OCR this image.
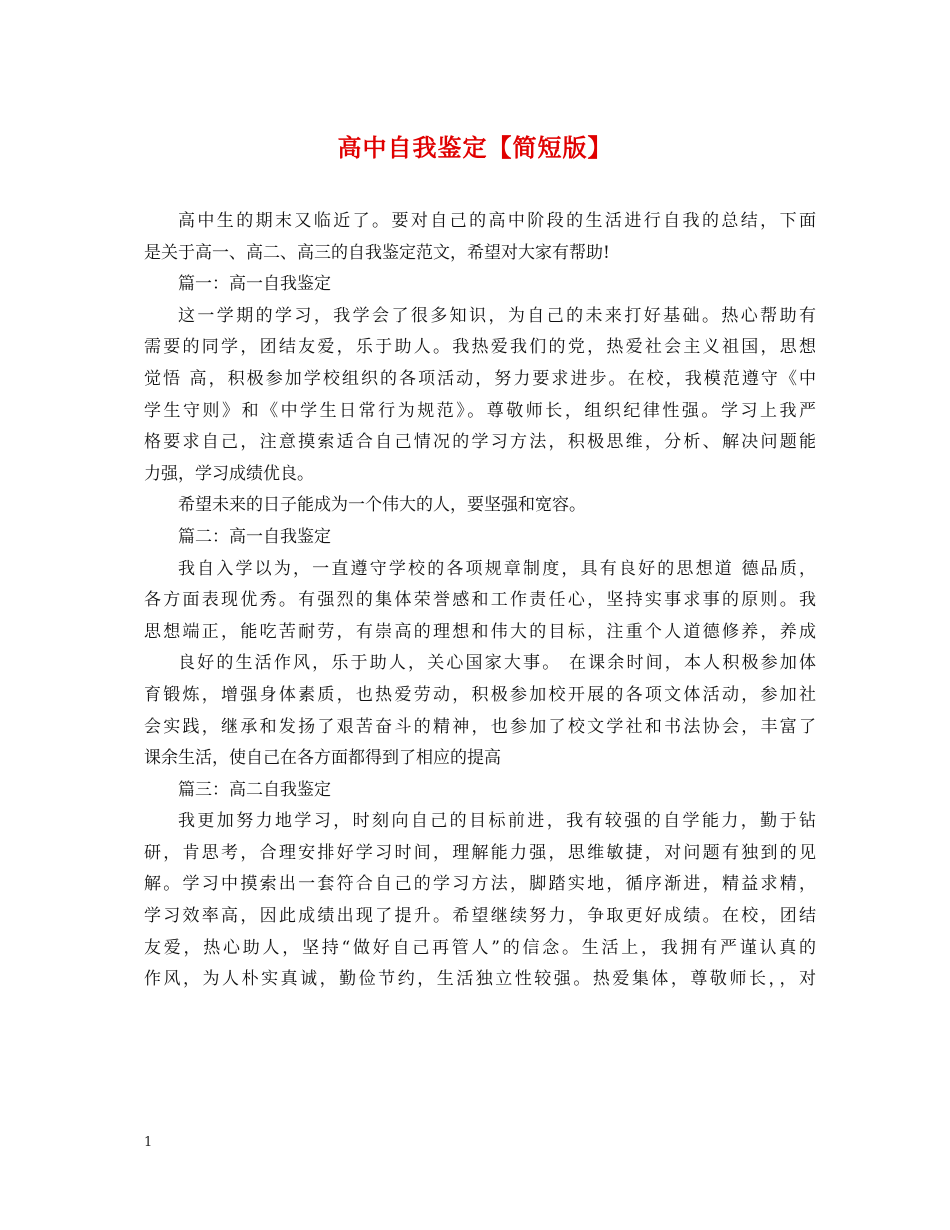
高中自我鉴定【简短版】
高中生的期末又临近了。要对自己的高中阶段的生活进行自我的总结，下面
是关于高一、高二、高三的自我鉴定范文，希望对大家有帮助!
篇一：高一自我鉴定
这一学期的学习，我学会了很多知识，为自己的未来打好基础。热心帮助有
需要的同学，团结友爱，乐于助人。我热爱我们的党，热爱社会主义祖国，思想
觉悟 高，积极参加学校组织的各项活动，努力要求进步。在校，我模范遵守《中
学生守则》和《中学生日常行为规范》。尊敬师长，组织纪律性强。学习上我严
格要求自己，注意摸索适合自己情况的学习方法，积极思维，分析、解决问题能
力强，学习成绩优良。
希望未来的日子能成为一个伟大的人，要坚强和宽容。
篇二：高一自我鉴定
我自入学以为，一直遵守学校的各项规章制度，具有良好的思想道 德品质，
各方面表现优秀。有强烈的集体荣誉感和工作责任心，坚持实事求事的原则。我
思想端正，能吃苦耐劳，有崇高的理想和伟大的目标，注重个人道德修养，养成
良好的生活作风，乐于助人，关心国家大事。 在课余时间，本人积极参加体
育锻炼，增强身体素质，也热爱劳动，积极参加校开展的各项文体活动，参加社
会实践，继承和发扬了艰苦奋斗的精神，也参加了校文学社和书法协会，丰富了
课余生活，使自己在各方面都得到了相应的提高
篇三：高二自我鉴定
我更加努力地学习，时刻向自己的目标前进，我有较强的自学能力，勤于钻
研，肯思考，合理安排好学习时间，理解能力强，思维敏捷，对问题有独到的见
解。学习中摸索出一套符合自己的学习方法，脚踏实地，循序渐进，精益求精，
学习效率高，因此成绩出现了提升。希望继续努力，争取更好成绩。在校，团结
友爱，热心助人，坚持“做好自己再管人”的信念。生活上，我拥有严谨认真的
作风，为人朴实真诚，勤俭节约，生活独立性较强。热爱集体，尊敬师长，，对
1
